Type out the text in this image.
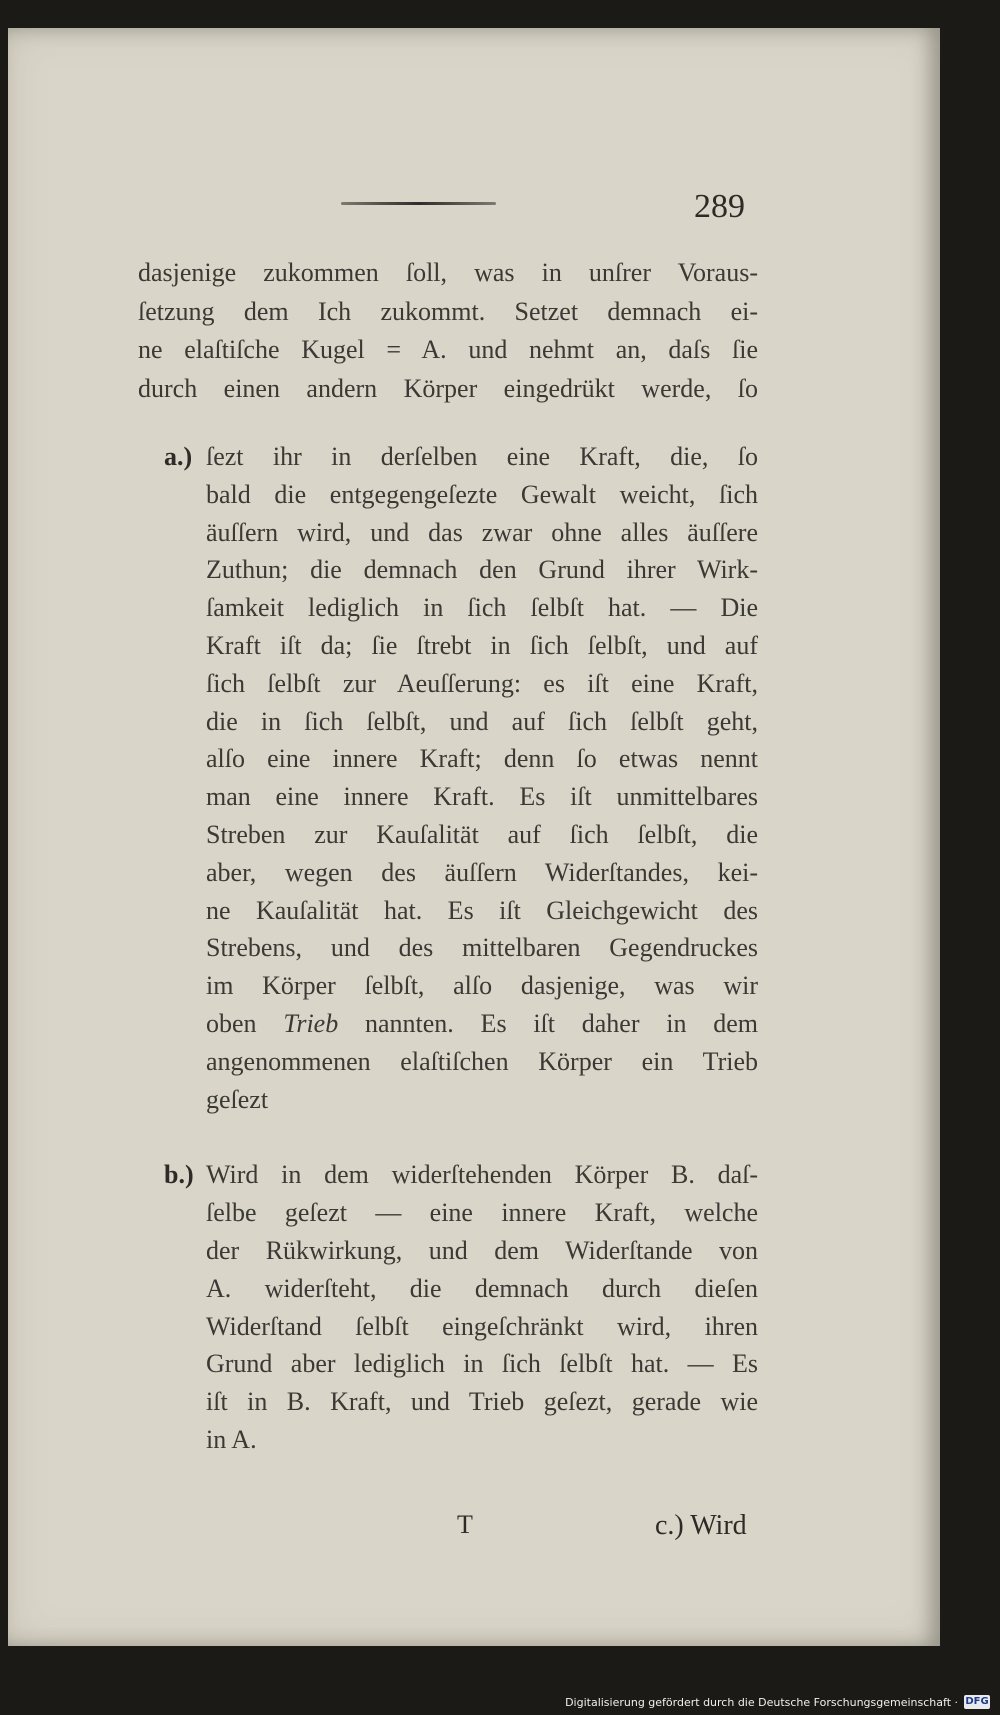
289

dasjenige zukommen ſoll, was in unſrer Voraus-
ſetzung dem Ich zukommt. Setzet demnach ei-
ne elaſtiſche Kugel = A. und nehmt an, daſs ſie
durch einen andern Körper eingedrükt werde, ſo

a.) ſezt ihr in derſelben eine Kraft, die, ſo
bald die entgegengeſezte Gewalt weicht, ſich
äuſſern wird, und das zwar ohne alles äuſſere
Zuthun; die demnach den Grund ihrer Wirk-
ſamkeit lediglich in ſich ſelbſt hat. — Die
Kraft iſt da; ſie ſtrebt in ſich ſelbſt, und auf
ſich ſelbſt zur Aeuſſerung: es iſt eine Kraft,
die in ſich ſelbſt, und auf ſich ſelbſt geht,
alſo eine innere Kraft; denn ſo etwas nennt
man eine innere Kraft. Es iſt unmittelbares
Streben zur Kauſalität auf ſich ſelbſt, die
aber, wegen des äuſſern Widerſtandes, kei-
ne Kauſalität hat. Es iſt Gleichgewicht des
Strebens, und des mittelbaren Gegendruckes
im Körper ſelbſt, alſo dasjenige, was wir
oben Trieb nannten. Es iſt daher in dem
angenommenen elaſtiſchen Körper ein Trieb
geſezt
b.) Wird in dem widerſtehenden Körper B. daſ-
ſelbe geſezt — eine innere Kraft, welche
der Rükwirkung, und dem Widerſtande von
A. widerſteht, die demnach durch dieſen
Widerſtand ſelbſt eingeſchränkt wird, ihren
Grund aber lediglich in ſich ſelbſt hat. — Es
iſt in B. Kraft, und Trieb geſezt, gerade wie
in A.
T	c.) Wird
Digitalisierung gefördert durch die Deutsche Forschungsgemeinschaft · DFG
